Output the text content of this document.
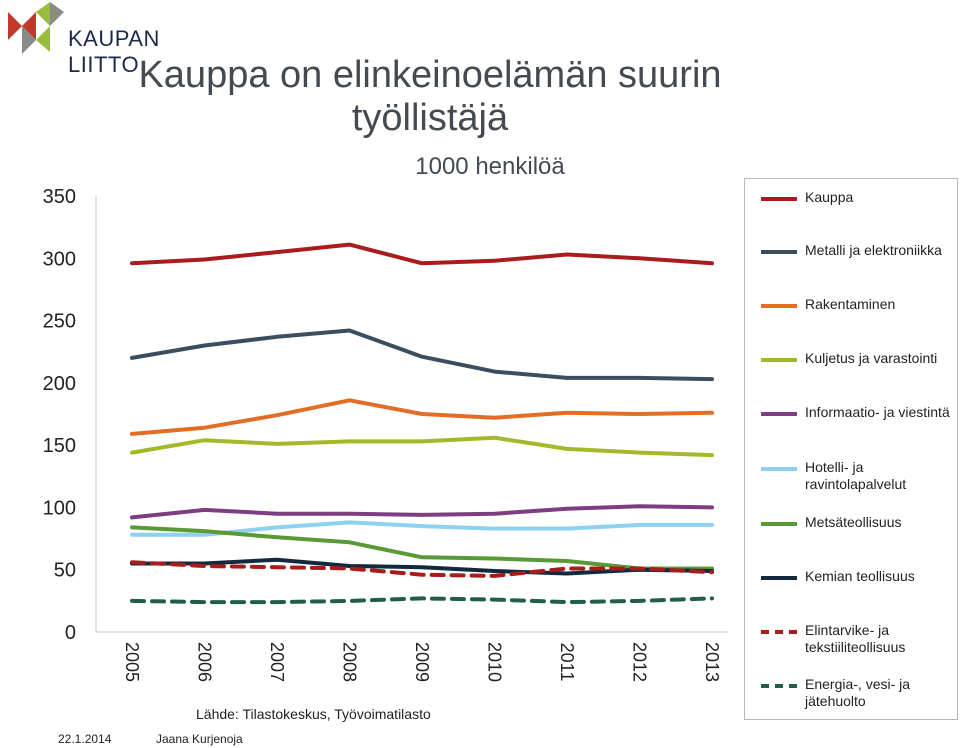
KAUPAN LIITTO Kauppa on elinkeinoelämän suurin
työllistäjä
1000 henkilöä
0
50
100
150
200
250
300
350
2005	2006	2007	2008	2009	2010	2011	2012	2013
Kauppa
Metalli ja elektroniikka
Rakentaminen
Kuljetus ja varastointi
Informaatio- ja viestintä
Hotelli- ja ravintolapalvelut
Metsäteollisuus
Kemian teollisuus
Elintarvike- ja tekstiiliteollisuus
Energia-, vesi- ja jätehuolto
Lähde: Tilastokeskus, Työvoimatilasto
22.1.2014	Jaana Kurjenoja
